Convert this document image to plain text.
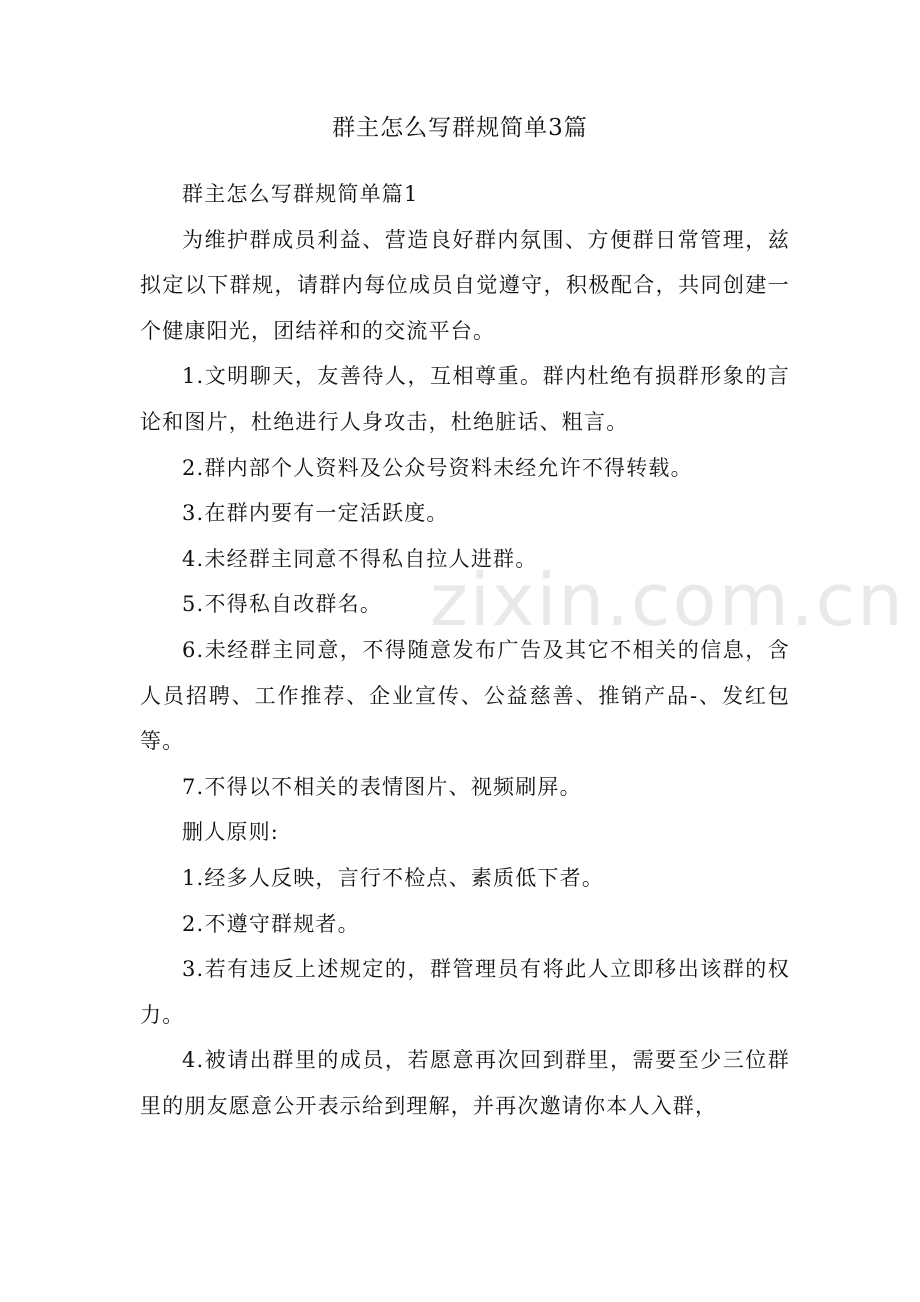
zixin.com.cn
群主怎么写群规简单3篇

群主怎么写群规简单篇1

为维护群成员利益、营造良好群内氛围、方便群日常管理，兹拟定以下群规，请群内每位成员自觉遵守，积极配合，共同创建一个健康阳光，团结祥和的交流平台。

1.文明聊天，友善待人，互相尊重。群内杜绝有损群形象的言论和图片，杜绝进行人身攻击，杜绝脏话、粗言。

2.群内部个人资料及公众号资料未经允许不得转载。

3.在群内要有一定活跃度。

4.未经群主同意不得私自拉人进群。

5.不得私自改群名。

6.未经群主同意，不得随意发布广告及其它不相关的信息，含人员招聘、工作推荐、企业宣传、公益慈善、推销产品-、发红包等。

7.不得以不相关的表情图片、视频刷屏。

删人原则:

1.经多人反映，言行不检点、素质低下者。

2.不遵守群规者。

3.若有违反上述规定的，群管理员有将此人立即移出该群的权力。

4.被请出群里的成员，若愿意再次回到群里，需要至少三位群里的朋友愿意公开表示给到理解，并再次邀请你本人入群，
